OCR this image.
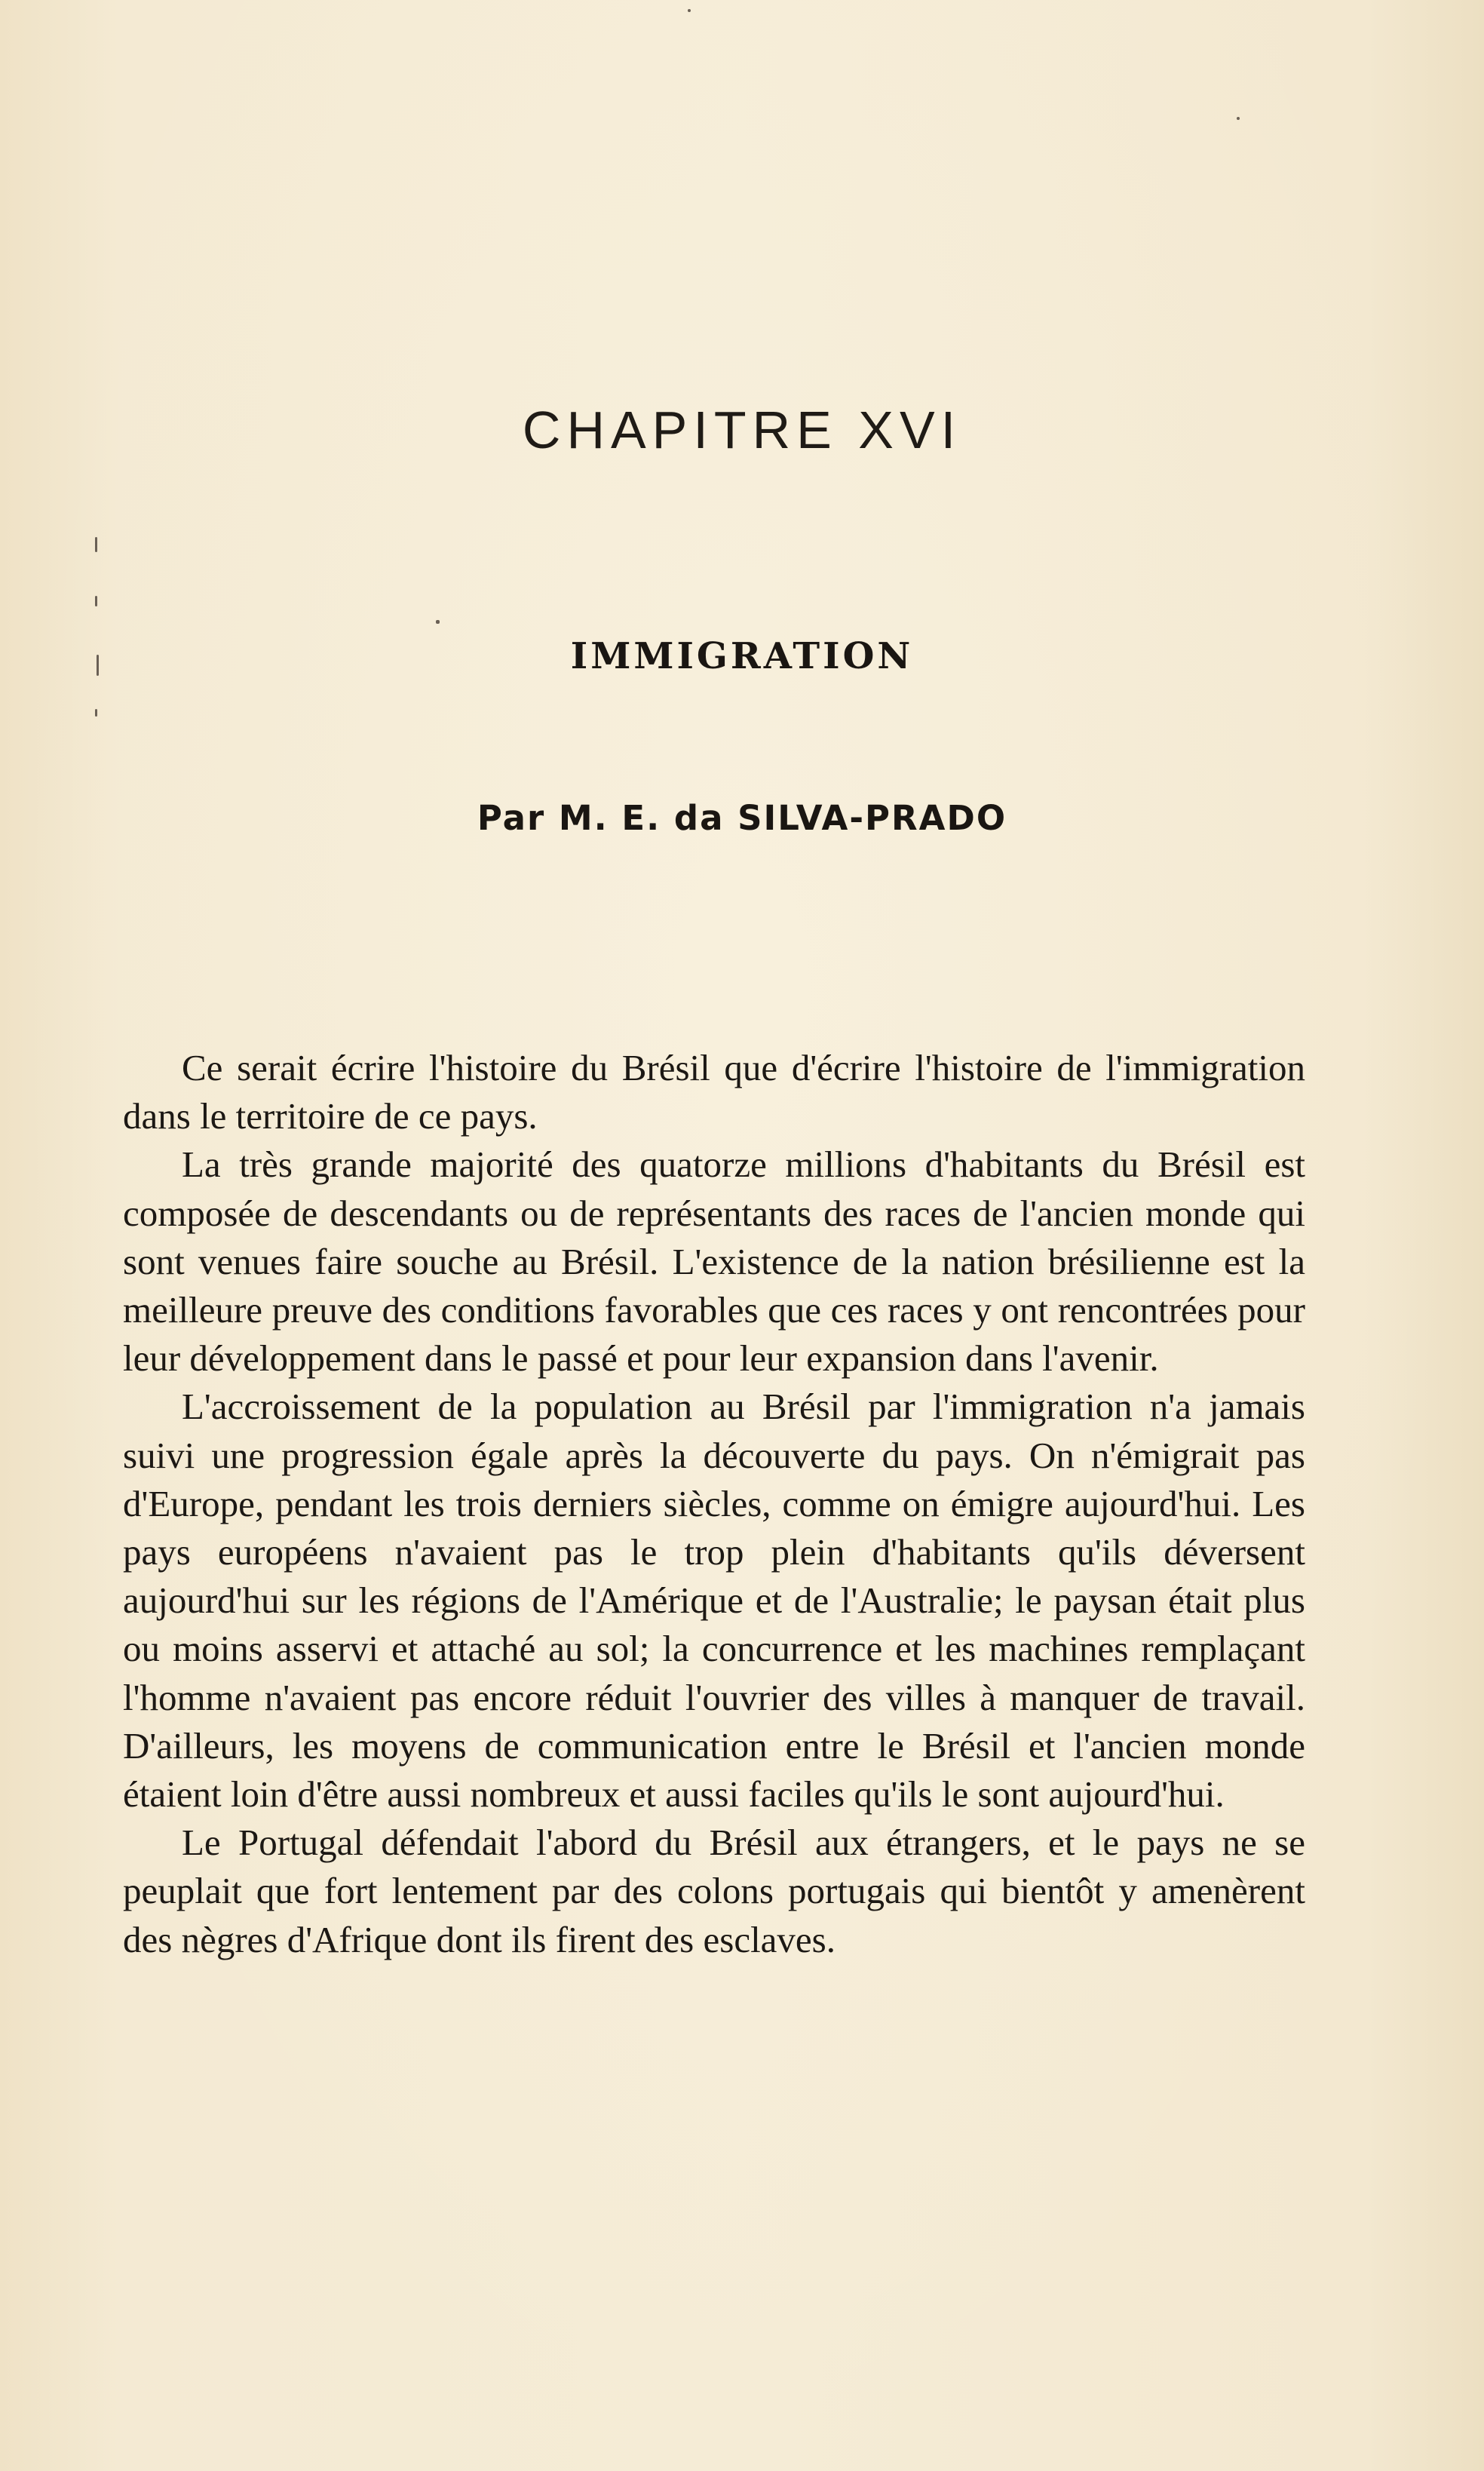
CHAPITRE XVI
IMMIGRATION

Par M. E. da SILVA-PRADO

Ce serait écrire l'histoire du Brésil que d'écrire l'histoire de l'immigration dans le territoire de ce pays.

La très grande majorité des quatorze millions d'habitants du Brésil est composée de descendants ou de représentants des races de l'ancien monde qui sont venues faire souche au Brésil. L'existence de la nation brésilienne est la meilleure preuve des conditions favorables que ces races y ont rencontrées pour leur développement dans le passé et pour leur expansion dans l'avenir.

L'accroissement de la population au Brésil par l'immigration n'a jamais suivi une progression égale après la découverte du pays. On n'émigrait pas d'Europe, pendant les trois derniers siècles, comme on émigre aujourd'hui. Les pays européens n'avaient pas le trop plein d'habitants qu'ils déversent aujourd'hui sur les régions de l'Amérique et de l'Australie; le paysan était plus ou moins asservi et attaché au sol; la concurrence et les machines remplaçant l'homme n'avaient pas encore réduit l'ouvrier des villes à manquer de travail. D'ailleurs, les moyens de communication entre le Brésil et l'ancien monde étaient loin d'être aussi nombreux et aussi faciles qu'ils le sont aujourd'hui.

Le Portugal défendait l'abord du Brésil aux étrangers, et le pays ne se peuplait que fort lentement par des colons portugais qui bientôt y amenèrent des nègres d'Afrique dont ils firent des esclaves.
